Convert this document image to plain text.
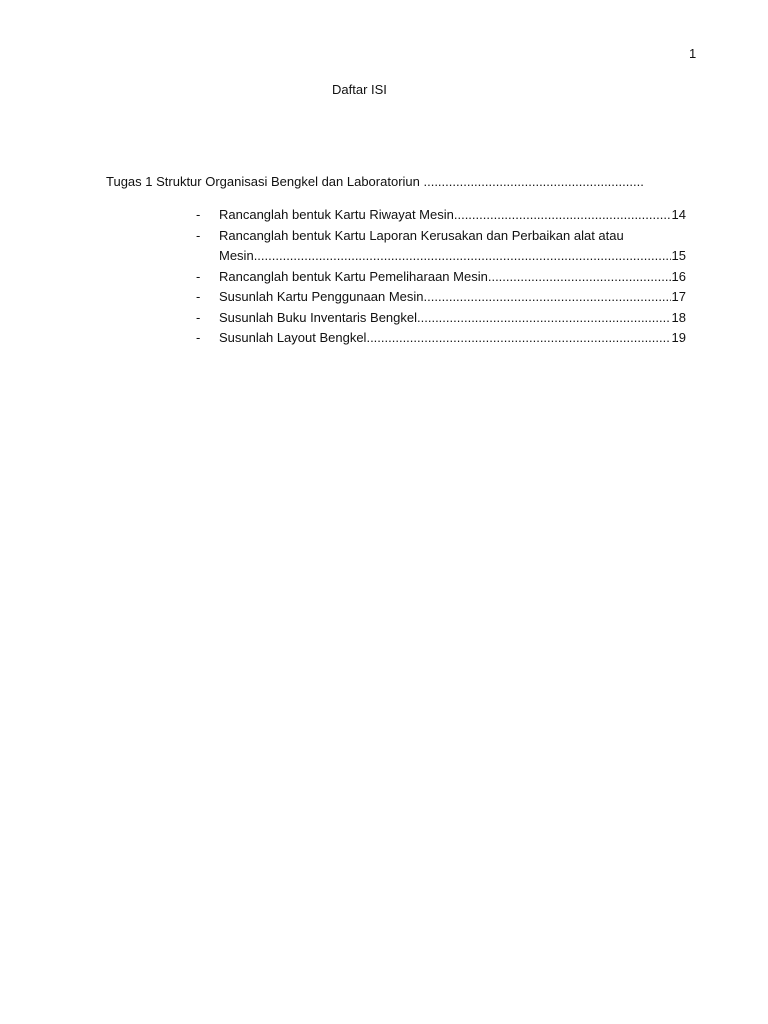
1
Daftar ISI
Tugas 1 Struktur Organisasi Bengkel dan Laboratoriun .............................................................
-	Rancanglah bentuk Kartu Riwayat Mesin .....	14
-	Rancanglah bentuk Kartu Laporan Kerusakan dan Perbaikan alat atau
Mesin .....	15
-	Rancanglah bentuk Kartu Pemeliharaan Mesin .....	16
-	Susunlah Kartu Penggunaan Mesin .....	17
-	Susunlah Buku Inventaris Bengkel .....	18
-	Susunlah Layout Bengkel .....	19
